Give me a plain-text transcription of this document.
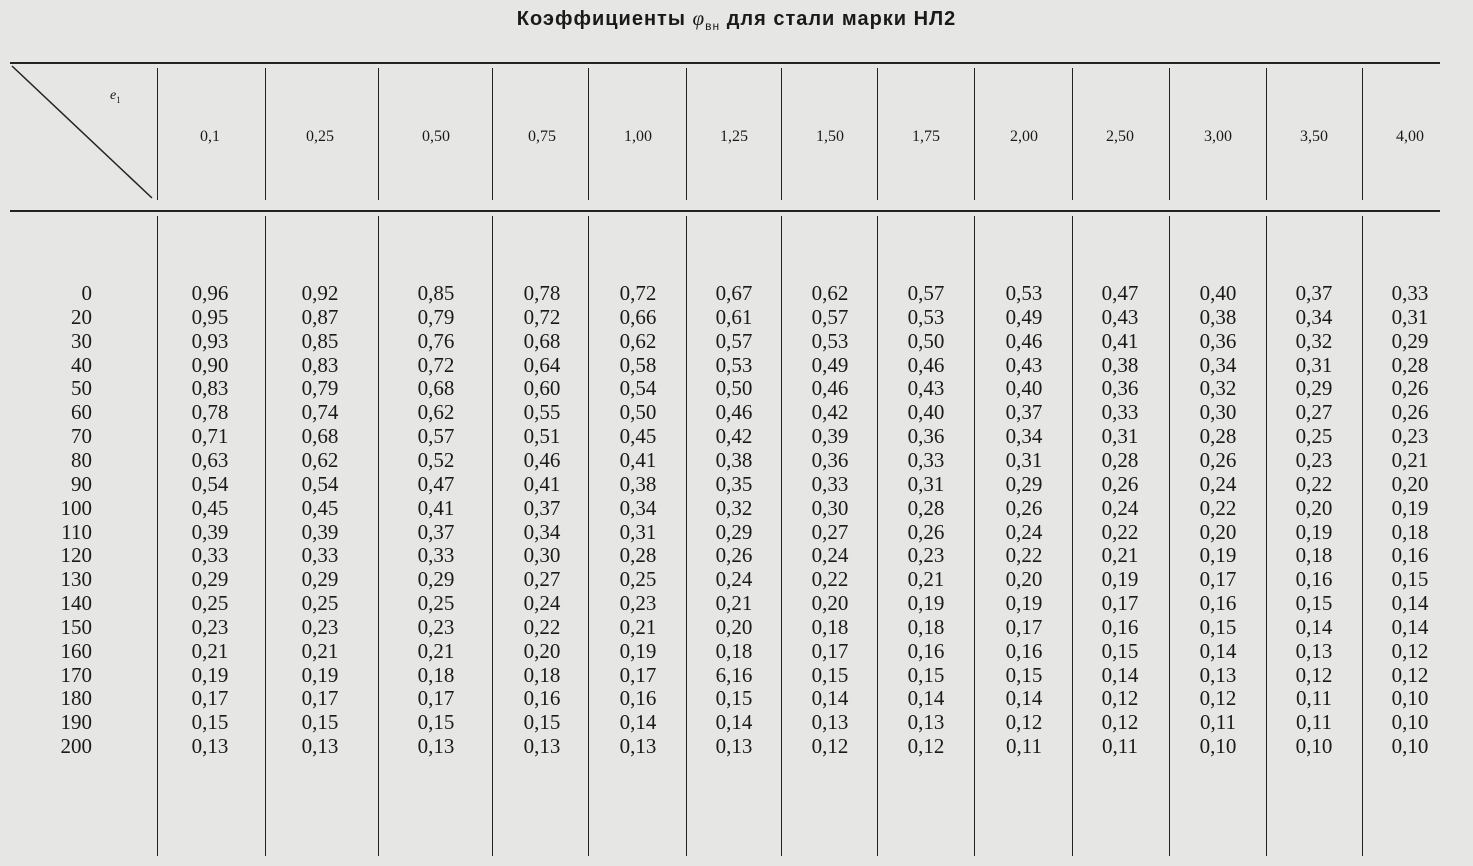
Коэффициенты $\varphi_{вн}$ для стали марки НЛ2
$e_1$
0,1	0,25	0,50	0,75	1,00	1,25	1,50	1,75	2,00	2,50	3,00	3,50	4,00
0	0,96	0,92	0,85	0,78	0,72	0,67	0,62	0,57	0,53	0,47	0,40	0,37	0,33
20	0,95	0,87	0,79	0,72	0,66	0,61	0,57	0,53	0,49	0,43	0,38	0,34	0,31
30	0,93	0,85	0,76	0,68	0,62	0,57	0,53	0,50	0,46	0,41	0,36	0,32	0,29
40	0,90	0,83	0,72	0,64	0,58	0,53	0,49	0,46	0,43	0,38	0,34	0,31	0,28
50	0,83	0,79	0,68	0,60	0,54	0,50	0,46	0,43	0,40	0,36	0,32	0,29	0,26
60	0,78	0,74	0,62	0,55	0,50	0,46	0,42	0,40	0,37	0,33	0,30	0,27	0,26
70	0,71	0,68	0,57	0,51	0,45	0,42	0,39	0,36	0,34	0,31	0,28	0,25	0,23
80	0,63	0,62	0,52	0,46	0,41	0,38	0,36	0,33	0,31	0,28	0,26	0,23	0,21
90	0,54	0,54	0,47	0,41	0,38	0,35	0,33	0,31	0,29	0,26	0,24	0,22	0,20
100	0,45	0,45	0,41	0,37	0,34	0,32	0,30	0,28	0,26	0,24	0,22	0,20	0,19
110	0,39	0,39	0,37	0,34	0,31	0,29	0,27	0,26	0,24	0,22	0,20	0,19	0,18
120	0,33	0,33	0,33	0,30	0,28	0,26	0,24	0,23	0,22	0,21	0,19	0,18	0,16
130	0,29	0,29	0,29	0,27	0,25	0,24	0,22	0,21	0,20	0,19	0,17	0,16	0,15
140	0,25	0,25	0,25	0,24	0,23	0,21	0,20	0,19	0,19	0,17	0,16	0,15	0,14
150	0,23	0,23	0,23	0,22	0,21	0,20	0,18	0,18	0,17	0,16	0,15	0,14	0,14
160	0,21	0,21	0,21	0,20	0,19	0,18	0,17	0,16	0,16	0,15	0,14	0,13	0,12
170	0,19	0,19	0,18	0,18	0,17	6,16	0,15	0,15	0,15	0,14	0,13	0,12	0,12
180	0,17	0,17	0,17	0,16	0,16	0,15	0,14	0,14	0,14	0,12	0,12	0,11	0,10
190	0,15	0,15	0,15	0,15	0,14	0,14	0,13	0,13	0,12	0,12	0,11	0,11	0,10
200	0,13	0,13	0,13	0,13	0,13	0,13	0,12	0,12	0,11	0,11	0,10	0,10	0,10
